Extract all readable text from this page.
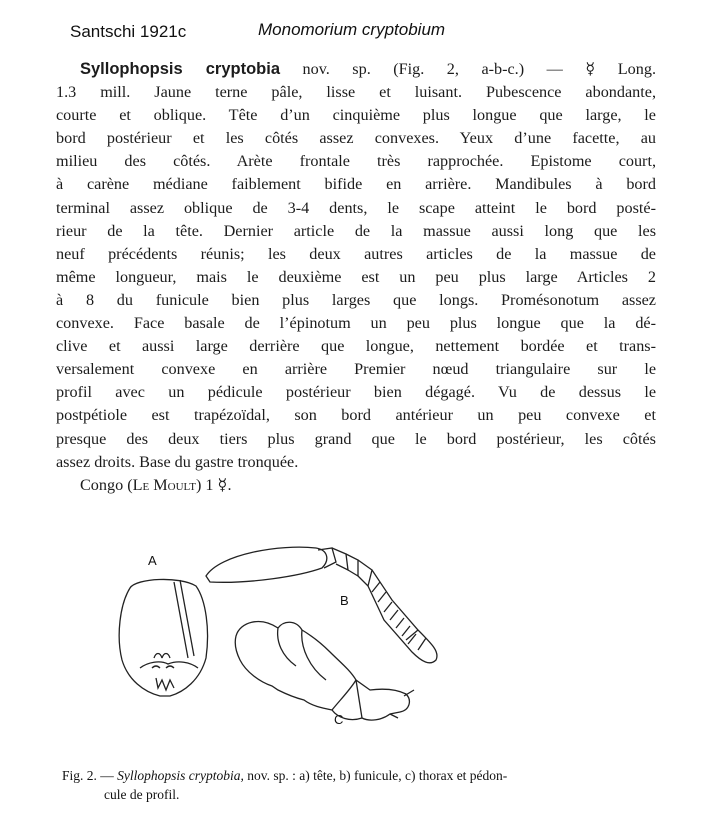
Santschi 1921c	Monomorium cryptobium
Syllophopsis cryptobia nov. sp. (Fig. 2, a-b-c.) — ☿ Long.
1.3 mill. Jaune terne pâle, lisse et luisant. Pubescence abondante,
courte et oblique. Tête d’un cinquième plus longue que large, le
bord postérieur et les côtés assez convexes. Yeux d’une facette, au
milieu des côtés. Arète frontale très rapprochée. Epistome court,
à carène médiane faiblement bifide en arrière. Mandibules à bord
terminal assez oblique de 3-4 dents, le scape atteint le bord posté-
rieur de la tête. Dernier article de la massue aussi long que les
neuf précédents réunis; les deux autres articles de la massue de
même longueur, mais le deuxième est un peu plus large Articles 2
à 8 du funicule bien plus larges que longs. Promésonotum assez
convexe. Face basale de l’épinotum un peu plus longue que la dé-
clive et aussi large derrière que longue, nettement bordée et trans-
versalement convexe en arrière Premier nœud triangulaire sur le
profil avec un pédicule postérieur bien dégagé. Vu de dessus le
postpétiole est trapézoïdal, son bord antérieur un peu convexe et
presque des deux tiers plus grand que le bord postérieur, les côtés
assez droits. Base du gastre tronquée.
Congo (Le Moult) 1 ☿.
A
B
C
Fig. 2. — Syllophopsis cryptobia, nov. sp. : a) tête, b) funicule, c) thorax et pédon-
cule de profil.
